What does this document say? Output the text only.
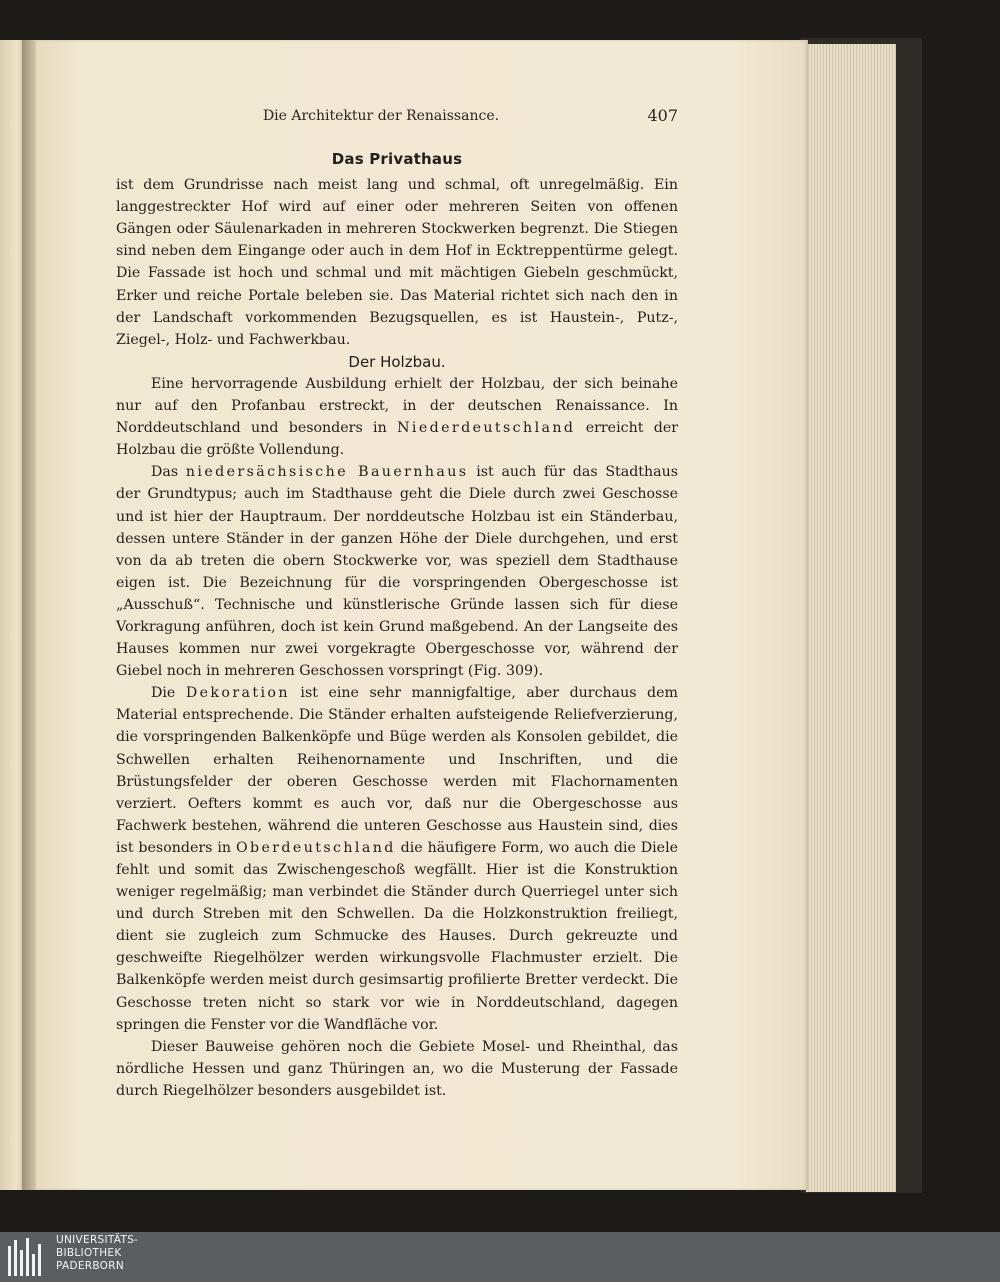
Die Architektur der Renaissance.	407
Das Privathaus

ist dem Grundrisse nach meist lang und schmal, oft unregelmäßig. Ein langgestreckter Hof wird auf einer oder mehreren Seiten von offenen Gängen oder Säulenarkaden in mehreren Stockwerken begrenzt. Die Stiegen sind neben dem Eingange oder auch in dem Hof in Ecktreppentürme gelegt. Die Fassade ist hoch und schmal und mit mächtigen Giebeln geschmückt, Erker und reiche Portale beleben sie. Das Material richtet sich nach den in der Landschaft vorkommenden Bezugsquellen, es ist Haustein-, Putz-, Ziegel-, Holz- und Fachwerkbau.

Der Holzbau.

Eine hervorragende Ausbildung erhielt der Holzbau, der sich beinahe nur auf den Profanbau erstreckt, in der deutschen Renaissance. In Norddeutschland und besonders in Niederdeutschland erreicht der Holzbau die größte Vollendung.

Das niedersächsische Bauernhaus ist auch für das Stadthaus der Grundtypus; auch im Stadthause geht die Diele durch zwei Geschosse und ist hier der Hauptraum. Der norddeutsche Holzbau ist ein Ständerbau, dessen untere Ständer in der ganzen Höhe der Diele durchgehen, und erst von da ab treten die obern Stockwerke vor, was speziell dem Stadthause eigen ist. Die Bezeichnung für die vorspringenden Obergeschosse ist „Ausschuß“. Technische und künstlerische Gründe lassen sich für diese Vorkragung anführen, doch ist kein Grund maßgebend. An der Langseite des Hauses kommen nur zwei vorgekragte Obergeschosse vor, während der Giebel noch in mehreren Geschossen vorspringt (Fig. 309).

Die Dekoration ist eine sehr mannigfaltige, aber durchaus dem Material entsprechende. Die Ständer erhalten aufsteigende Reliefverzierung, die vorspringenden Balkenköpfe und Büge werden als Konsolen gebildet, die Schwellen erhalten Reihenornamente und Inschriften, und die Brüstungsfelder der oberen Geschosse werden mit Flachornamenten verziert. Oefters kommt es auch vor, daß nur die Obergeschosse aus Fachwerk bestehen, während die unteren Geschosse aus Haustein sind, dies ist besonders in Oberdeutschland die häufigere Form, wo auch die Diele fehlt und somit das Zwischengeschoß wegfällt. Hier ist die Konstruktion weniger regelmäßig; man verbindet die Ständer durch Querriegel unter sich und durch Streben mit den Schwellen. Da die Holzkonstruktion freiliegt, dient sie zugleich zum Schmucke des Hauses. Durch gekreuzte und geschweifte Riegelhölzer werden wirkungsvolle Flachmuster erzielt. Die Balkenköpfe werden meist durch gesimsartig profilierte Bretter verdeckt. Die Geschosse treten nicht so stark vor wie in Norddeutschland, dagegen springen die Fenster vor die Wandfläche vor.

Dieser Bauweise gehören noch die Gebiete Mosel- und Rheinthal, das nördliche Hessen und ganz Thüringen an, wo die Musterung der Fassade durch Riegelhölzer besonders ausgebildet ist.

UNIVERSITÄTS-
BIBLIOTHEK
PADERBORN
